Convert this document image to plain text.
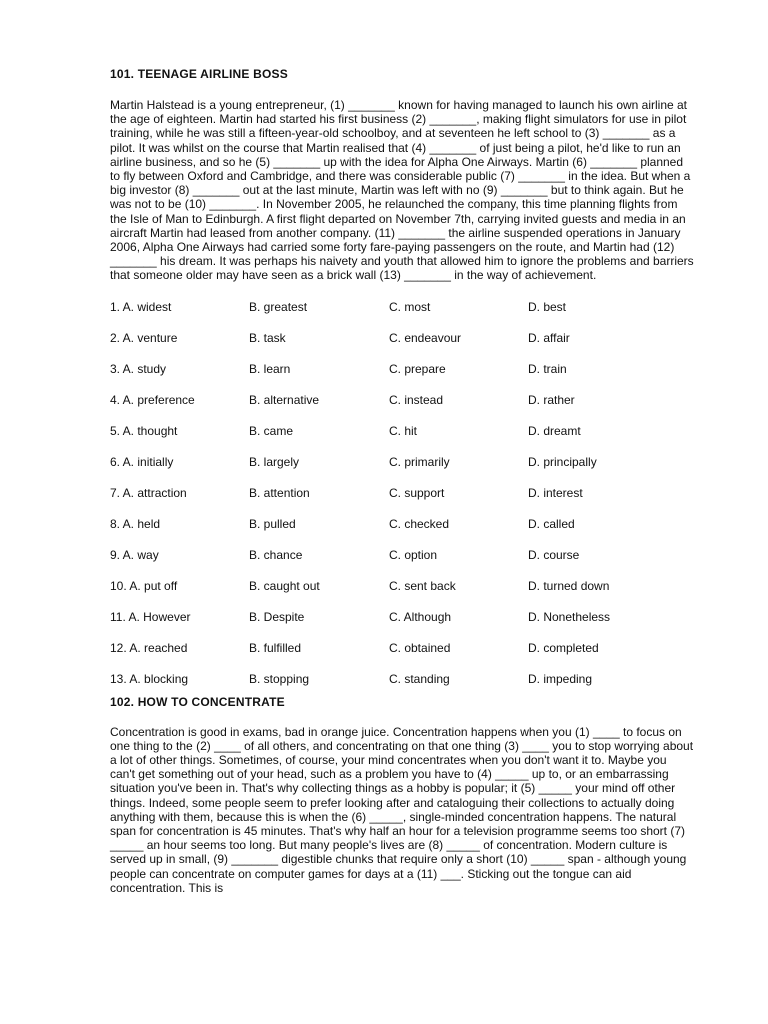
101. TEENAGE AIRLINE BOSS

Martin Halstead is a young entrepreneur, (1) _______ known for having managed to launch his own airline at the age of eighteen. Martin had started his first business (2) _______, making flight simulators for use in pilot training, while he was still a fifteen-year-old schoolboy, and at seventeen he left school to (3) _______ as a pilot. It was whilst on the course that Martin realised that (4) _______ of just being a pilot, he'd like to run an airline business, and so he (5) _______ up with the idea for Alpha One Airways. Martin (6) _______ planned to fly between Oxford and Cambridge, and there was considerable public (7) _______ in the idea. But when a big investor (8) _______ out at the last minute, Martin was left with no (9) _______ but to think again. But he was not to be (10) _______. In November 2005, he relaunched the company, this time planning flights from the Isle of Man to Edinburgh. A first flight departed on November 7th, carrying invited guests and media in an aircraft Martin had leased from another company. (11) _______ the airline suspended operations in January 2006, Alpha One Airways had carried some forty fare-paying passengers on the route, and Martin had (12) _______ his dream. It was perhaps his naivety and youth that allowed him to ignore the problems and barriers that someone older may have seen as a brick wall (13) _______ in the way of achievement.

1. A. widest	B. greatest	C. most	D. best
2. A. venture	B. task	C. endeavour	D. affair
3. A. study	B. learn	C. prepare	D. train
4. A. preference	B. alternative	C. instead	D. rather
5. A. thought	B. came	C. hit	D. dreamt
6. A. initially	B. largely	C. primarily	D. principally
7. A. attraction	B. attention	C. support	D. interest
8. A. held	B. pulled	C. checked	D. called
9. A. way	B. chance	C. option	D. course
10. A. put off	B. caught out	C. sent back	D. turned down
11. A. However	B. Despite	C. Although	D. Nonetheless
12. A. reached	B. fulfilled	C. obtained	D. completed
13. A. blocking	B. stopping	C. standing	D. impeding
102. HOW TO CONCENTRATE

Concentration is good in exams, bad in orange juice. Concentration happens when you (1) ____ to focus on one thing to the (2) ____ of all others, and concentrating on that one thing (3) ____ you to stop worrying about a lot of other things. Sometimes, of course, your mind concentrates when you don't want it to. Maybe you can't get something out of your head, such as a problem you have to (4) _____ up to, or an embarrassing situation you've been in. That's why collecting things as a hobby is popular; it (5) _____ your mind off other things. Indeed, some people seem to prefer looking after and cataloguing their collections to actually doing anything with them, because this is when the (6) _____, single-minded concentration happens. The natural span for concentration is 45 minutes. That's why half an hour for a television programme seems too short (7) _____ an hour seems too long. But many people's lives are (8) _____ of concentration. Modern culture is served up in small, (9) _______ digestible chunks that require only a short (10) _____ span - although young people can concentrate on computer games for days at a (11) ___. Sticking out the tongue can aid concentration. This is
